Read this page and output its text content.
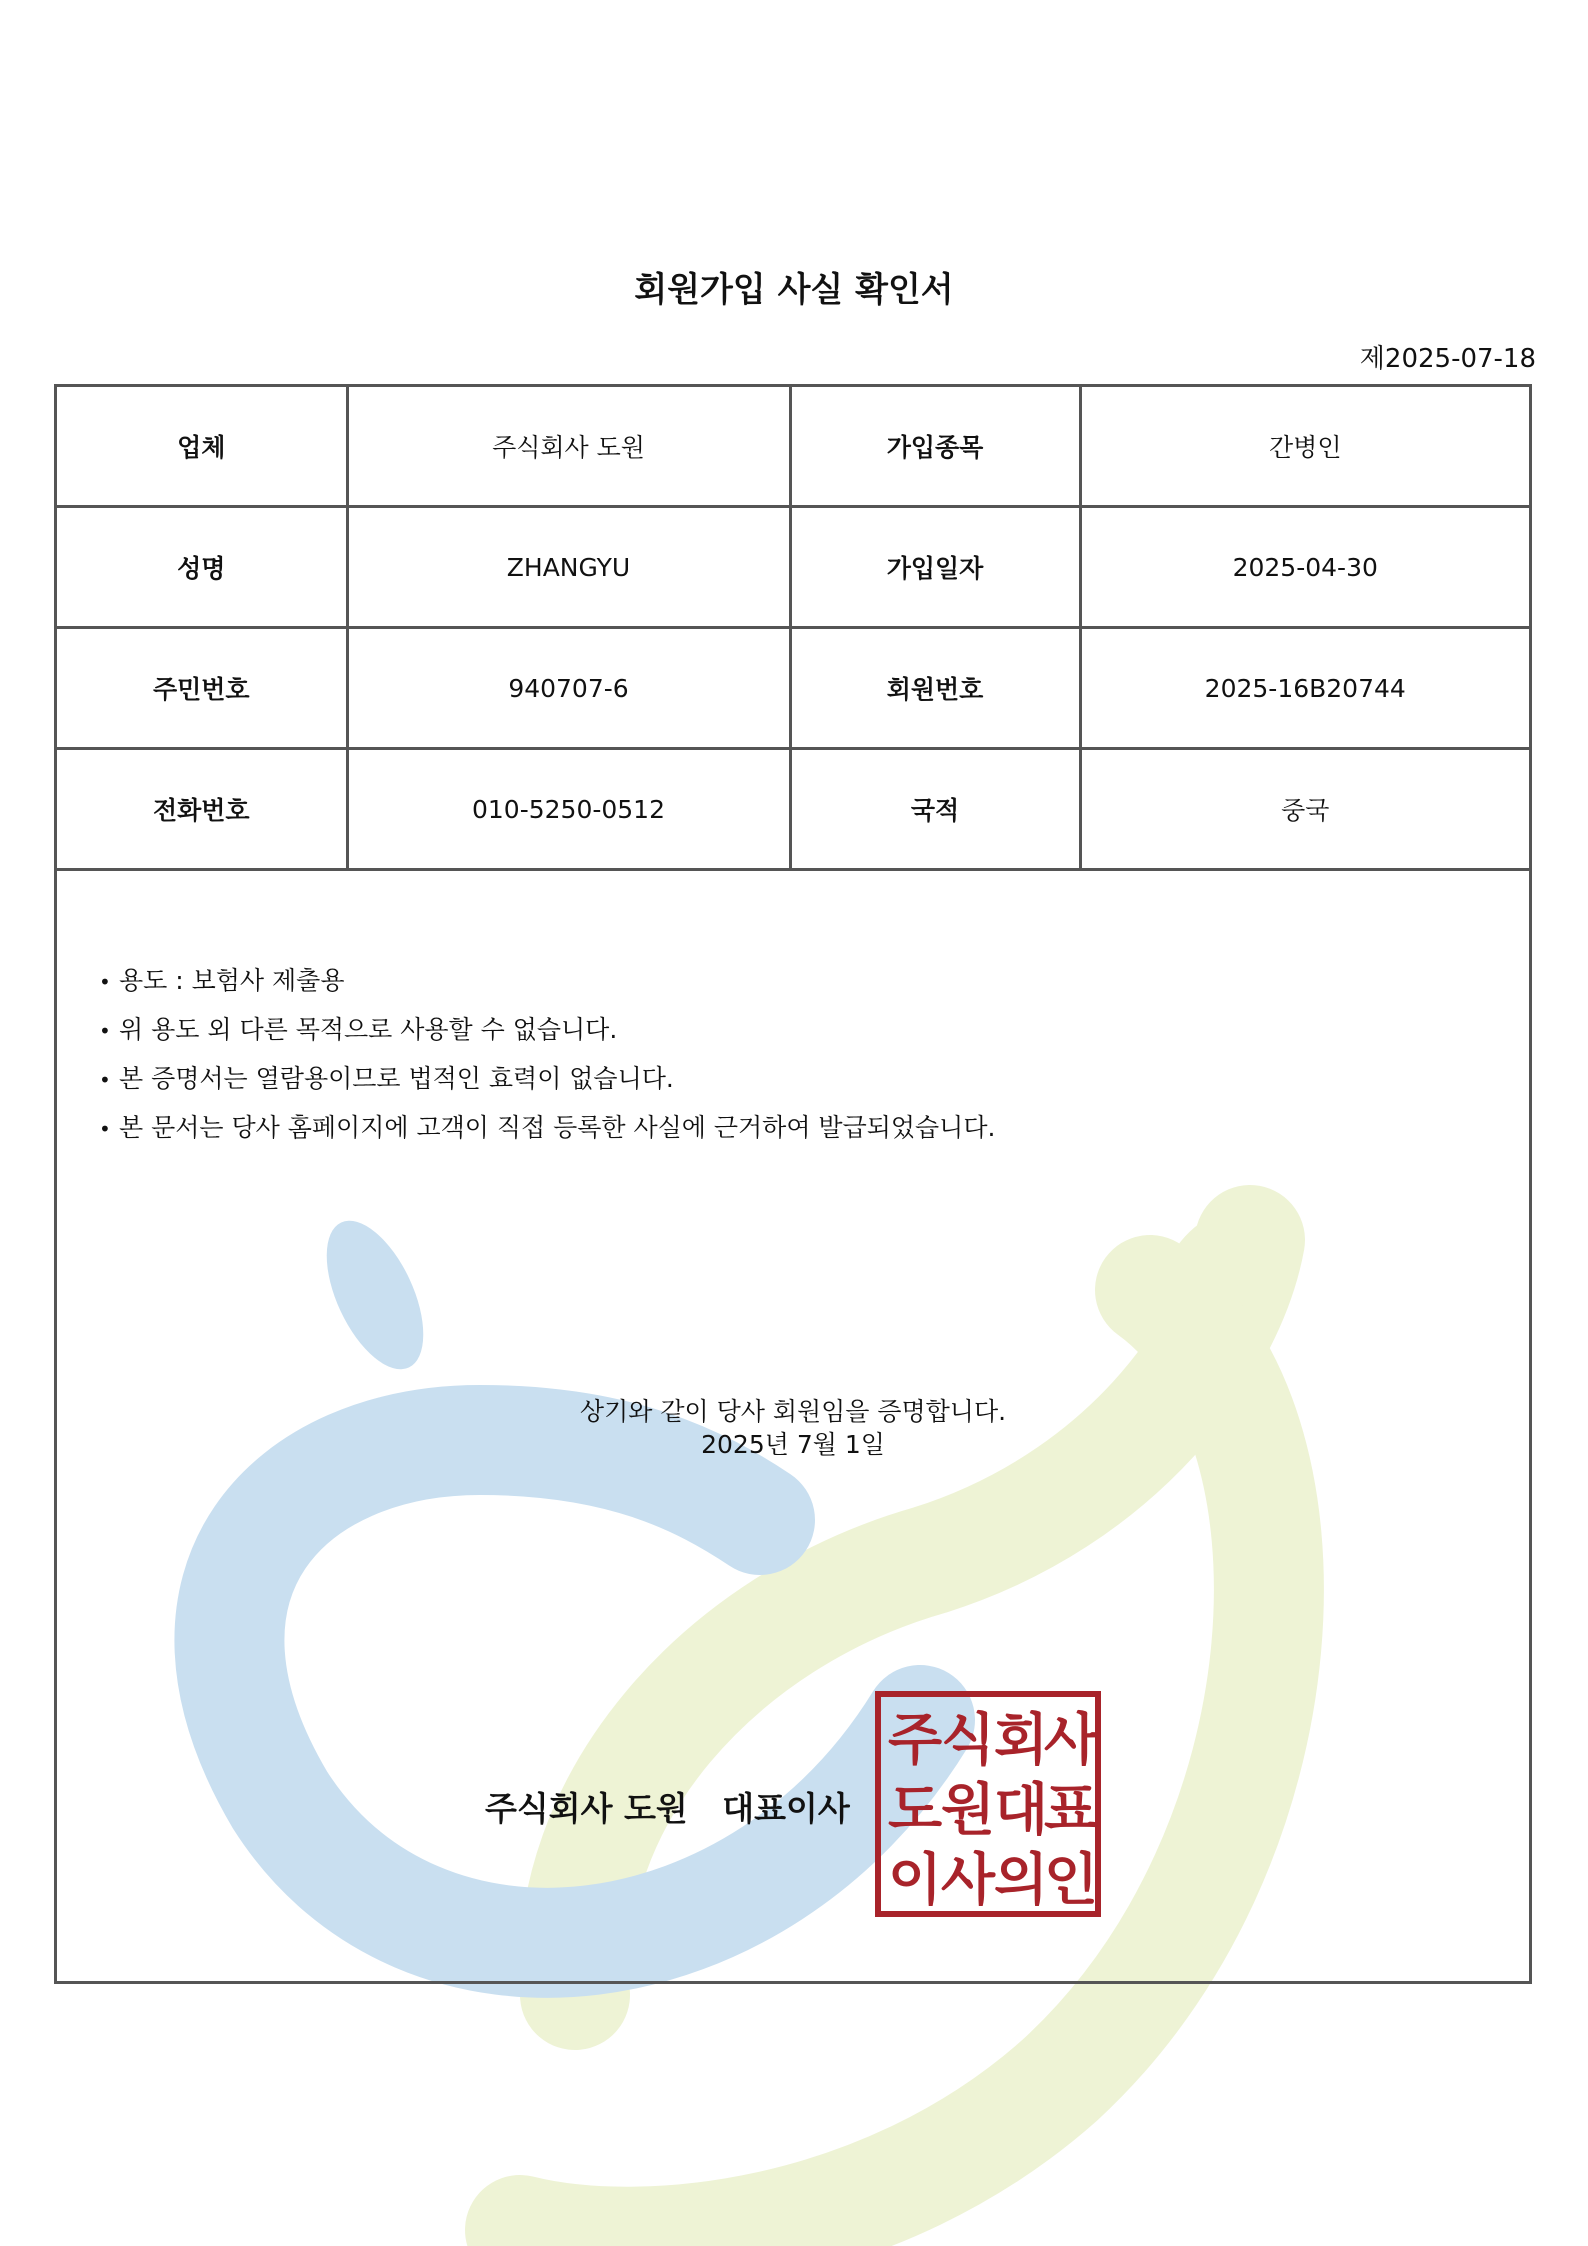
회원가입 사실 확인서
제2025-07-18
업체	주식회사 도원	가입종목	간병인
성명	ZHANGYU	가입일자	2025-04-30
주민번호	940707-6	회원번호	2025-16B20744
전화번호	010-5250-0512	국적	중국
• 용도 : 보험사 제출용
• 위 용도 외 다른 목적으로 사용할 수 없습니다.
• 본 증명서는 열람용이므로 법적인 효력이 없습니다.
• 본 문서는 당사 홈페이지에 고객이 직접 등록한 사실에 근거하여 발급되었습니다.
상기와 같이 당사 회원임을 증명합니다.
2025년 7월 1일
주식회사 도원 대표이사
주
식
회
사
도
원
대
표
이
사
의
인
